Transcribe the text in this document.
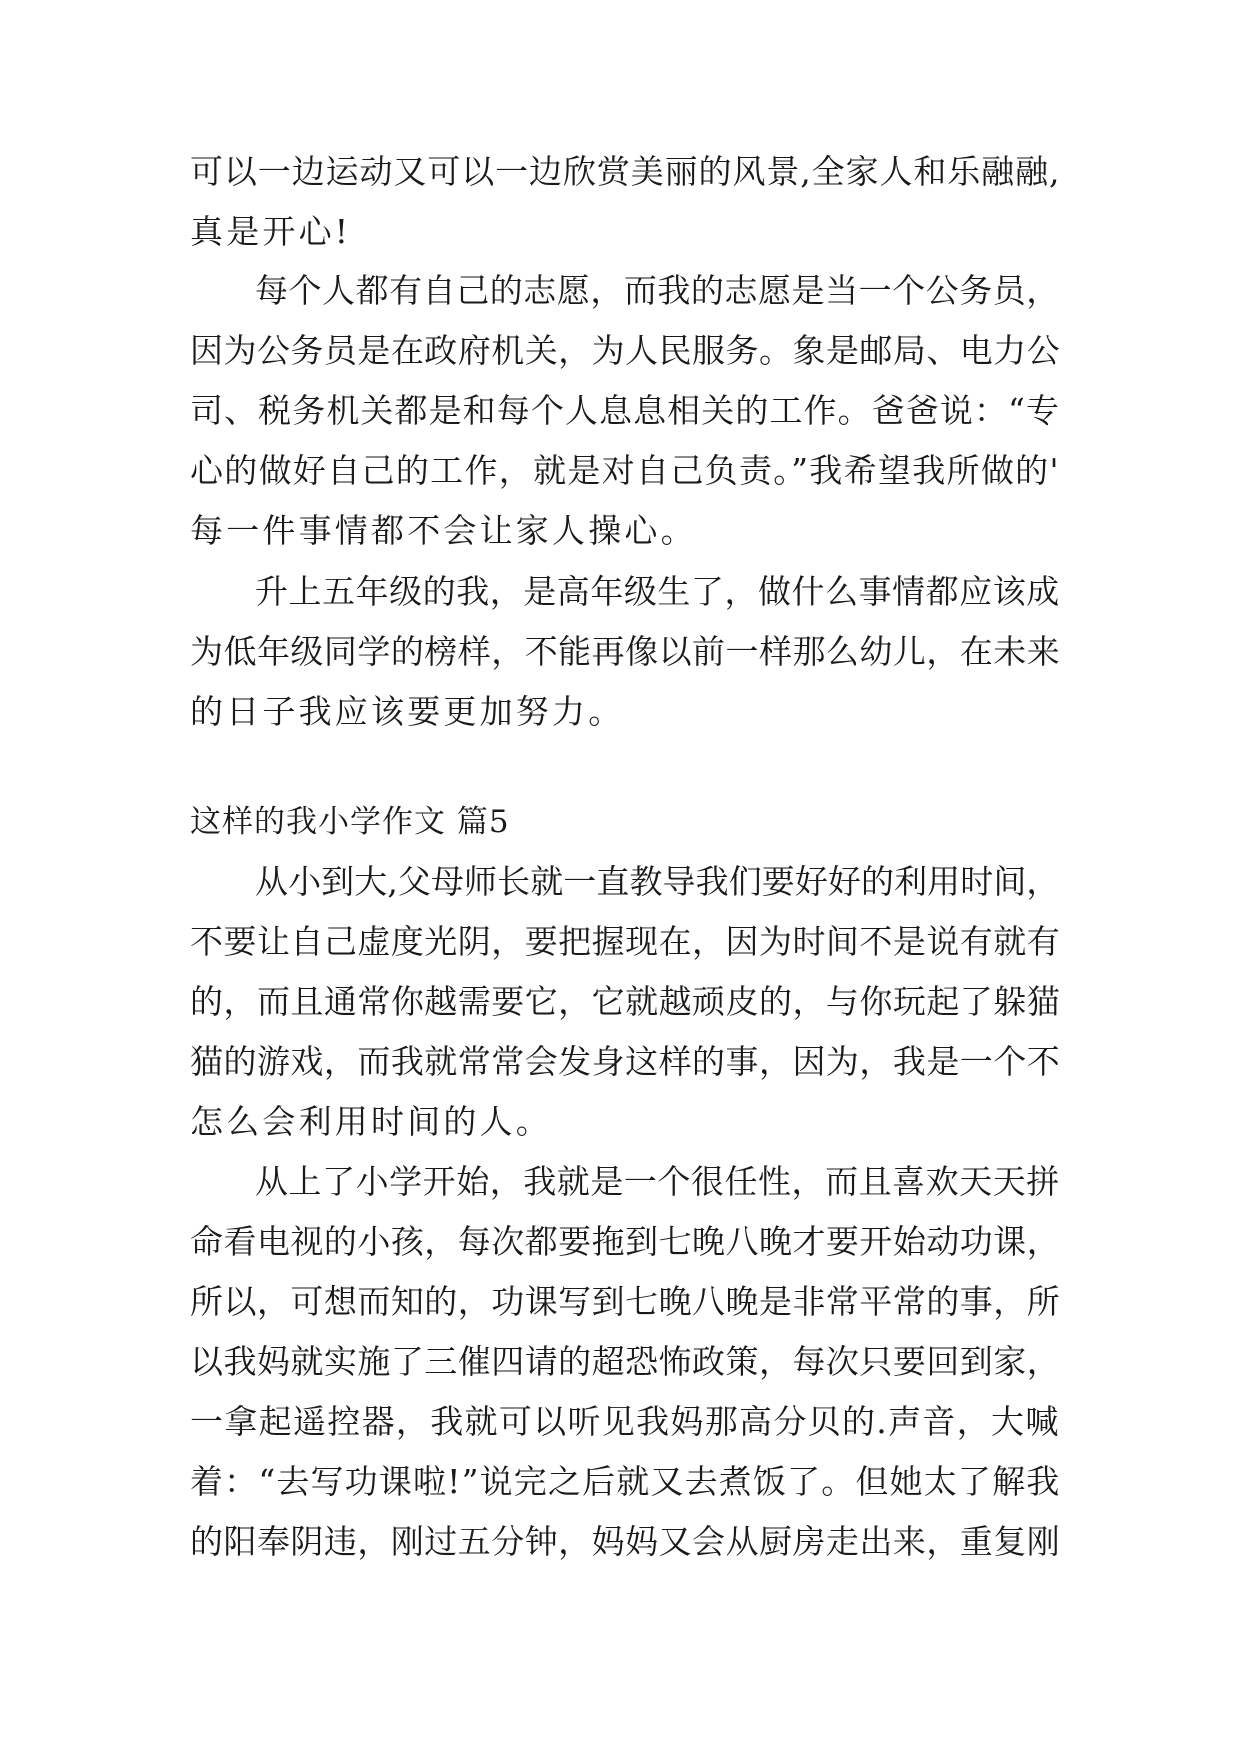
可以一边运动又可以一边欣赏美丽的风景,全家人和乐融融,
真是开心!
每个人都有自己的志愿，而我的志愿是当一个公务员，
因为公务员是在政府机关，为人民服务。象是邮局、电力公
司、税务机关都是和每个人息息相关的工作。爸爸说：“专
心的做好自己的工作，就是对自己负责。”我希望我所做的'
每一件事情都不会让家人操心。
升上五年级的我，是高年级生了，做什么事情都应该成
为低年级同学的榜样，不能再像以前一样那么幼儿，在未来
的日子我应该要更加努力。
这样的我小学作文 篇5
从小到大,父母师长就一直教导我们要好好的利用时间，
不要让自己虚度光阴，要把握现在，因为时间不是说有就有
的，而且通常你越需要它，它就越顽皮的，与你玩起了躲猫
猫的游戏，而我就常常会发身这样的事，因为，我是一个不
怎么会利用时间的人。
从上了小学开始，我就是一个很任性，而且喜欢天天拼
命看电视的小孩，每次都要拖到七晚八晚才要开始动功课，
所以，可想而知的，功课写到七晚八晚是非常平常的事，所
以我妈就实施了三催四请的超恐怖政策，每次只要回到家，
一拿起遥控器，我就可以听见我妈那高分贝的.声音，大喊
着：“去写功课啦!”说完之后就又去煮饭了。但她太了解我
的阳奉阴违，刚过五分钟，妈妈又会从厨房走出来，重复刚
